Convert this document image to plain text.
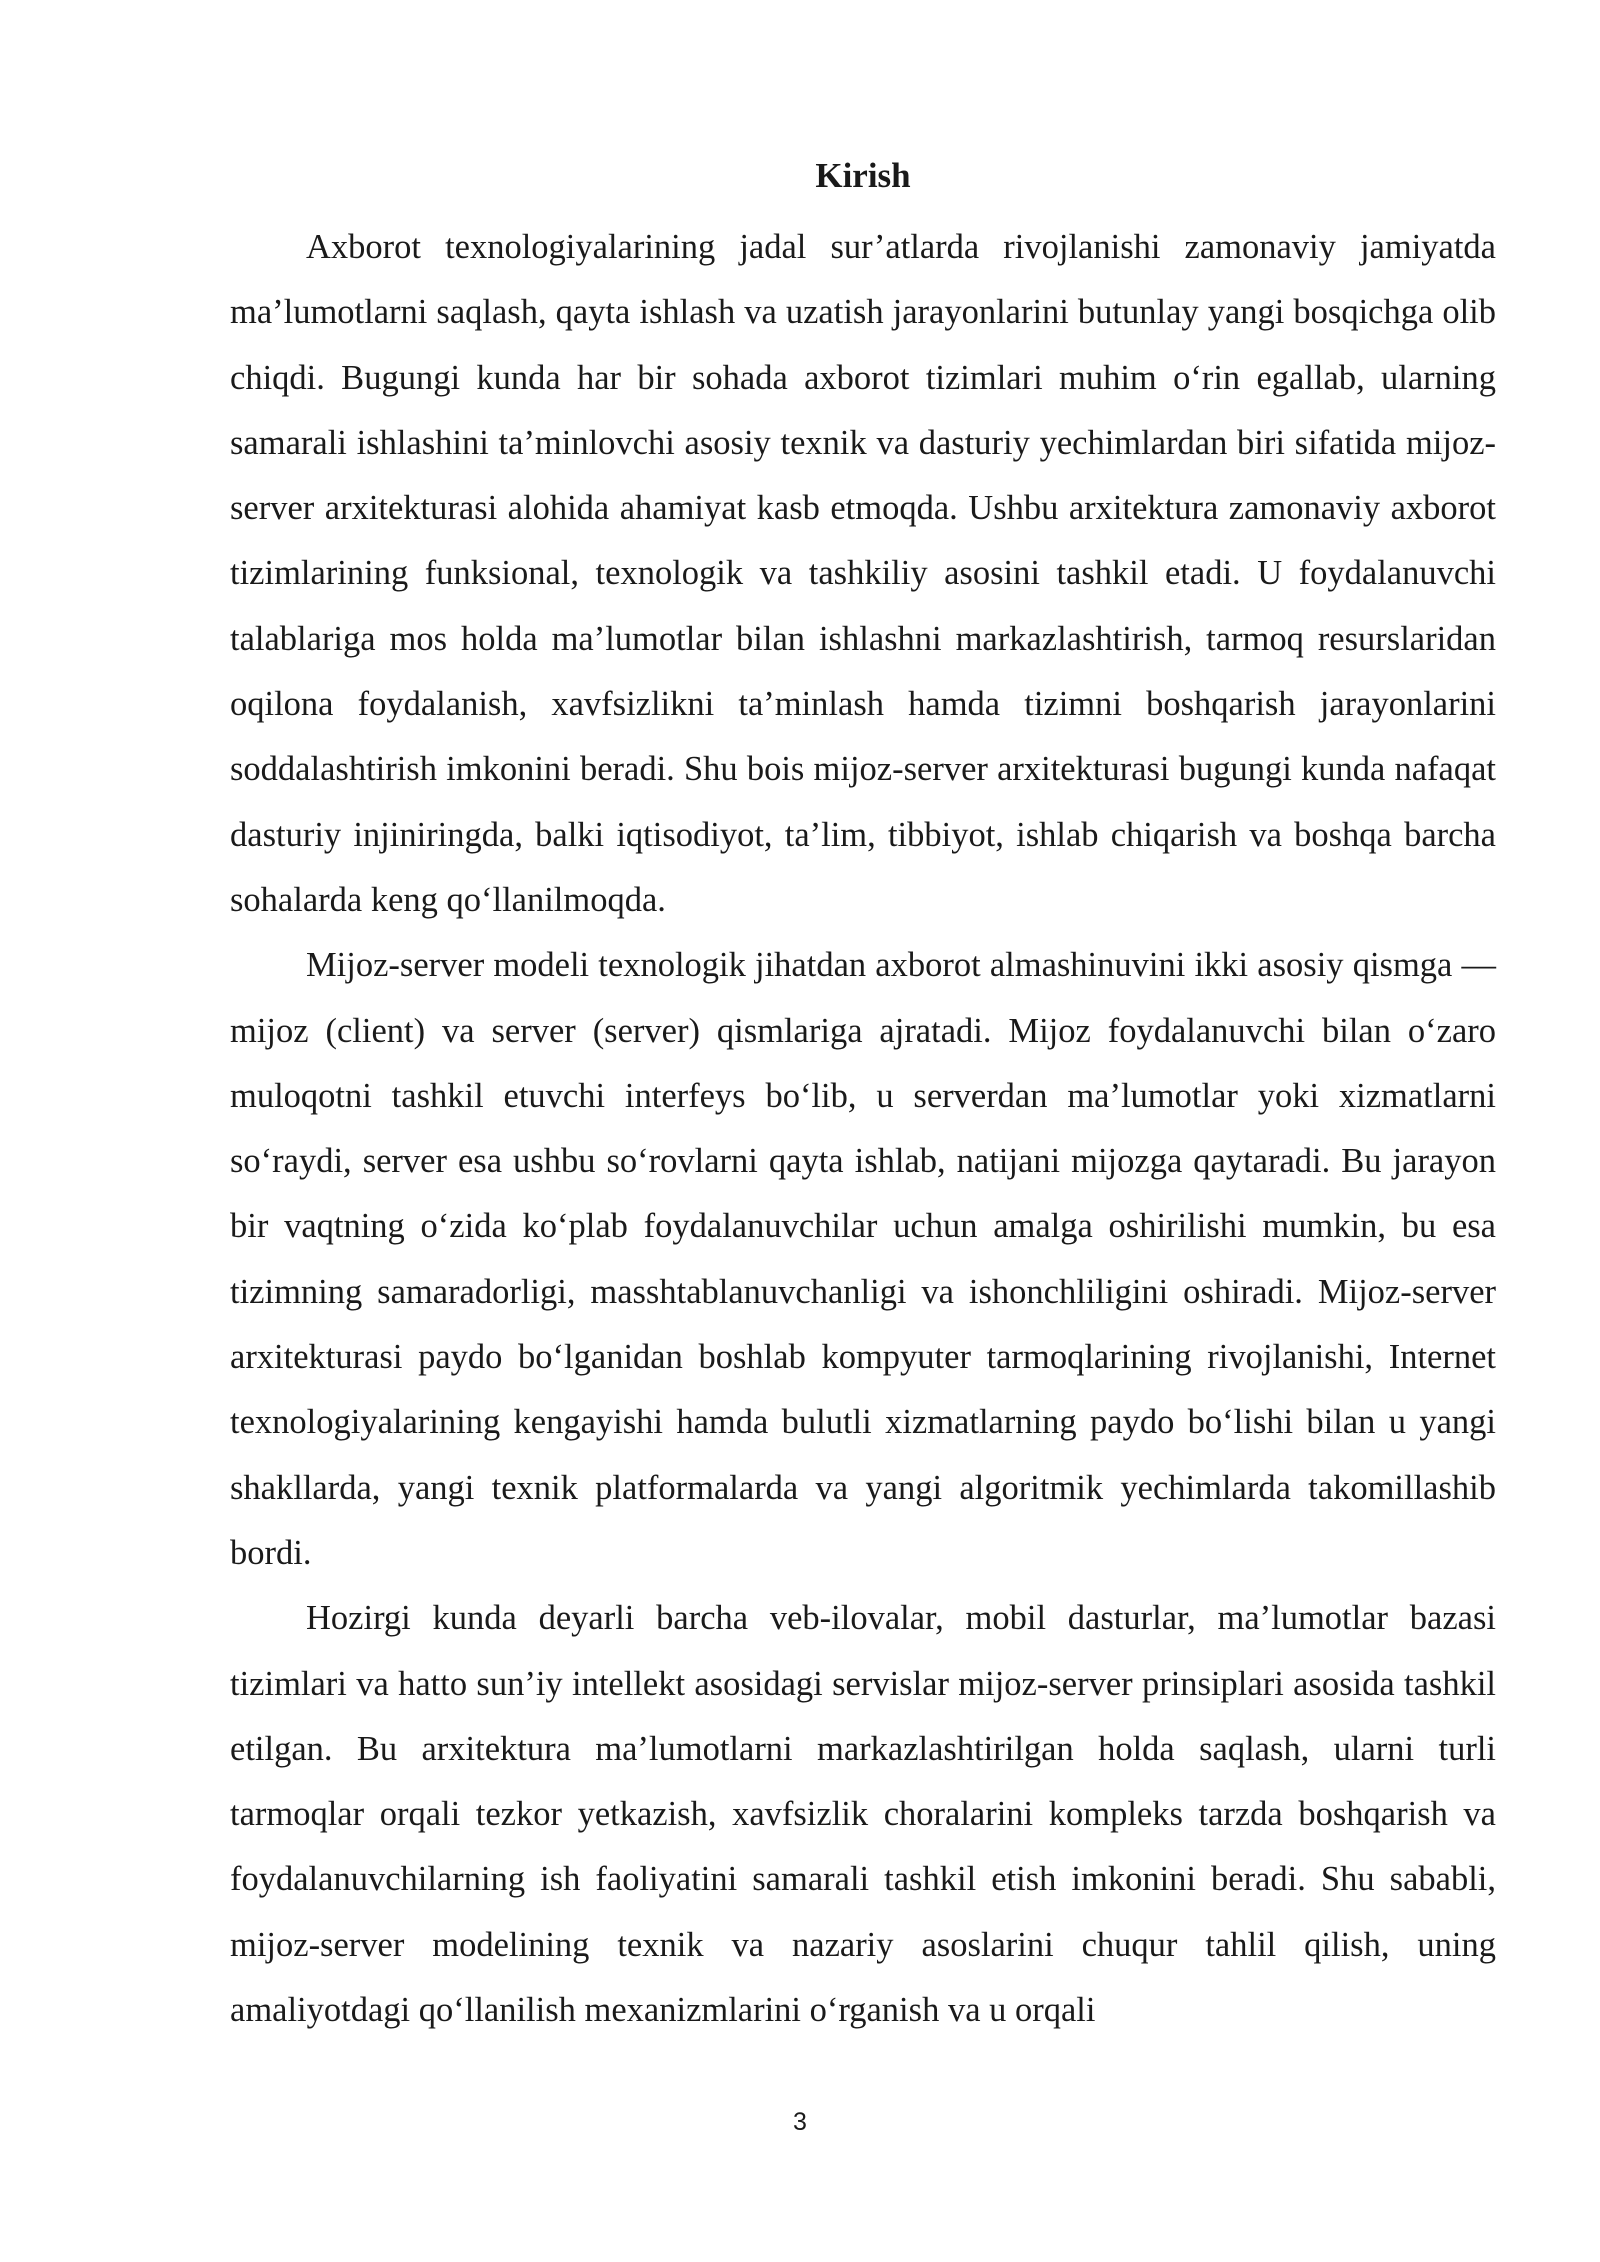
Kirish

Axborot texnologiyalarining jadal sur’atlarda rivojlanishi zamonaviy jamiyatda ma’lumotlarni saqlash, qayta ishlash va uzatish jarayonlarini butunlay yangi bosqichga olib chiqdi. Bugungi kunda har bir sohada axborot tizimlari muhim o‘rin egallab, ularning samarali ishlashini ta’minlovchi asosiy texnik va dasturiy yechimlardan biri sifatida mijoz-server arxitekturasi alohida ahamiyat kasb etmoqda. Ushbu arxitektura zamonaviy axborot tizimlarining funksional, texnologik va tashkiliy asosini tashkil etadi. U foydalanuvchi talablariga mos holda ma’lumotlar bilan ishlashni markazlashtirish, tarmoq resurslaridan oqilona foydalanish, xavfsizlikni ta’minlash hamda tizimni boshqarish jarayonlarini soddalashtirish imkonini beradi. Shu bois mijoz-server arxitekturasi bugungi kunda nafaqat dasturiy injiniringda, balki iqtisodiyot, ta’lim, tibbiyot, ishlab chiqarish va boshqa barcha sohalarda keng qo‘llanilmoqda.

Mijoz-server modeli texnologik jihatdan axborot almashinuvini ikki asosiy qismga — mijoz (client) va server (server) qismlariga ajratadi. Mijoz foydalanuvchi bilan o‘zaro muloqotni tashkil etuvchi interfeys bo‘lib, u serverdan ma’lumotlar yoki xizmatlarni so‘raydi, server esa ushbu so‘rovlarni qayta ishlab, natijani mijozga qaytaradi. Bu jarayon bir vaqtning o‘zida ko‘plab foydalanuvchilar uchun amalga oshirilishi mumkin, bu esa tizimning samaradorligi, masshtablanuvchanligi va ishonchliligini oshiradi. Mijoz-server arxitekturasi paydo bo‘lganidan boshlab kompyuter tarmoqlarining rivojlanishi, Internet texnologiyalarining kengayishi hamda bulutli xizmatlarning paydo bo‘lishi bilan u yangi shakllarda, yangi texnik platformalarda va yangi algoritmik yechimlarda takomillashib bordi.

Hozirgi kunda deyarli barcha veb-ilovalar, mobil dasturlar, ma’lumotlar bazasi tizimlari va hatto sun’iy intellekt asosidagi servislar mijoz-server prinsiplari asosida tashkil etilgan. Bu arxitektura ma’lumotlarni markazlashtirilgan holda saqlash, ularni turli tarmoqlar orqali tezkor yetkazish, xavfsizlik choralarini kompleks tarzda boshqarish va foydalanuvchilarning ish faoliyatini samarali tashkil etish imkonini beradi. Shu sababli, mijoz-server modelining texnik va nazariy asoslarini chuqur tahlil qilish, uning amaliyotdagi qo‘llanilish mexanizmlarini o‘rganish va u orqali

3
